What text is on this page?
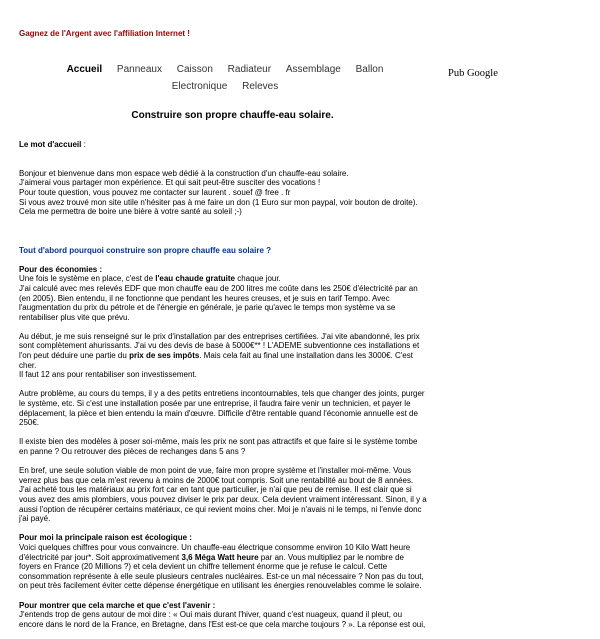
Gagnez de l'Argent avec l'affiliation Internet !
Accueil Panneaux Caisson Radiateur Assemblage Ballon
Electronique Releves
Pub Google
Construire son propre chauffe-eau solaire.
Le mot d'accueil :
Bonjour et bienvenue dans mon espace web dédié à la construction d'un chauffe-eau solaire.
J'aimerai vous partager mon expérience. Et qui sait peut-être susciter des vocations !
Pour toute question, vous pouvez me contacter sur laurent . souef @ free . fr
Si vous avez trouvé mon site utile n'hésiter pas à me faire un don (1 Euro sur mon paypal, voir bouton de droite).
Cela me permettra de boire une bière à votre santé au soleil ;-)
Tout d'abord pourquoi construire son propre chauffe eau solaire ?

Pour des économies :
Une fois le système en place, c'est de l'eau chaude gratuite chaque jour.
J'ai calculé avec mes relevés EDF que mon chauffe eau de 200 litres me coûte dans les 250€ d'électricité par an
(en 2005). Bien entendu, il ne fonctionne que pendant les heures creuses, et je suis en tarif Tempo. Avec
l'augmentation du prix du pétrole et de l'énergie en générale, je parie qu'avec le temps mon système va se
rentabiliser plus vite que prévu.

Au début, je me suis renseigné sur le prix d'installation par des entreprises certifiées. J'ai vite abandonné, les prix
sont complètement ahurissants. J'ai vu des devis de base à 5000€** ! L'ADEME subventionne ces installations et
l'on peut déduire une partie du prix de ses impôts. Mais cela fait au final une installation dans les 3000€. C'est
cher.
Il faut 12 ans pour rentabiliser son investissement.

Autre problème, au cours du temps, il y a des petits entretiens incontournables, tels que changer des joints, purger
le système, etc. Si c'est une installation posée par une entreprise, il faudra faire venir un technicien, et payer le
déplacement, la pièce et bien entendu la main d'œuvre. Difficile d'être rentable quand l'économie annuelle est de
250€.

Il existe bien des modèles à poser soi-même, mais les prix ne sont pas attractifs et que faire si le système tombe
en panne ? Ou retrouver des pièces de rechanges dans 5 ans ?

En bref, une seule solution viable de mon point de vue, faire mon propre système et l'installer moi-même. Vous
verrez plus bas que cela m'est revenu à moins de 2000€ tout compris. Soit une rentabilité au bout de 8 années.
J'ai acheté tous les matériaux au prix fort car en tant que particulier, je n'ai que peu de remise. Il est clair que si
vous avez des amis plombiers, vous pouvez diviser le prix par deux. Cela devient vraiment intéressant. Sinon, il y a
aussi l'option de récupérer certains matériaux, ce qui revient moins cher. Moi je n'avais ni le temps, ni l'envie donc
j'ai payé.

Pour moi la principale raison est écologique :
Voici quelques chiffres pour vous convaincre. Un chauffe-eau électrique consomme environ 10 Kilo Watt heure
d'électricité par jour*. Soit approximativement 3,6 Méga Watt heure par an. Vous multipliez par le nombre de
foyers en France (20 Millions ?) et cela devient un chiffre tellement énorme que je refuse le calcul. Cette
consommation représente à elle seule plusieurs centrales nucléaires. Est-ce un mal nécessaire ? Non pas du tout,
on peut très facilement éviter cette dépense énergétique en utilisant les énergies renouvelables comme le solaire.

Pour montrer que cela marche et que c'est l'avenir :
J'entends trop de gens autour de moi dire : « Oui mais durant l'hiver, quand c'est nuageux, quand il pleut, ou
encore dans le nord de la France, en Bretagne, dans l'Est est-ce que cela marche toujours ? ». La réponse est oui,
